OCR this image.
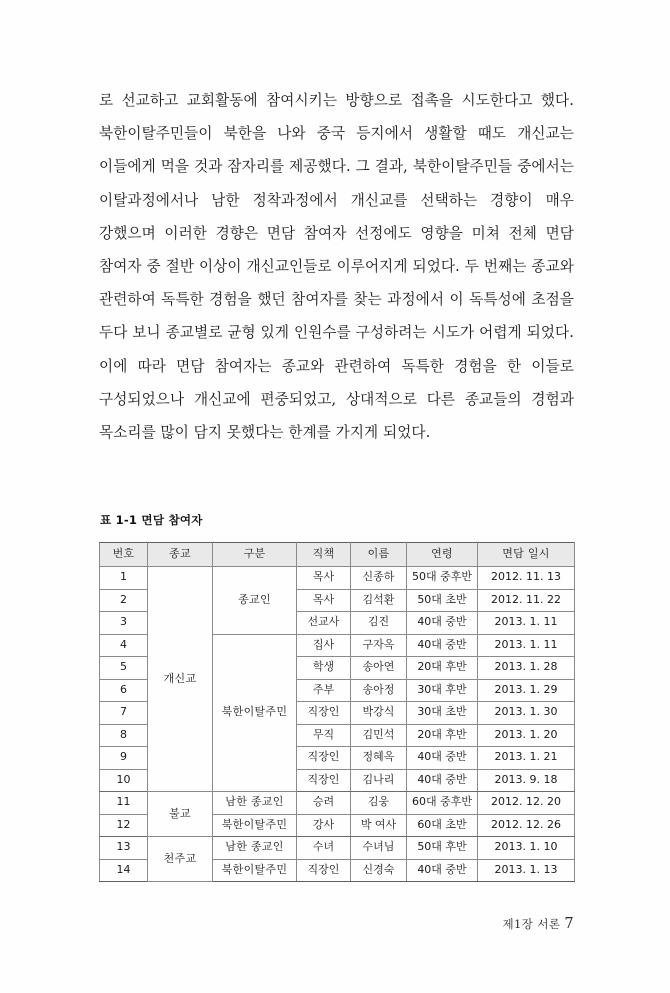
로 선교하고 교회활동에 참여시키는 방향으로 접촉을 시도한다고 했다. 북한이탈주민들이 북한을 나와 중국 등지에서 생활할 때도 개신교는 이들에게 먹을 것과 잠자리를 제공했다. 그 결과, 북한이탈주민들 중에서는 이탈과정에서나 남한 정착과정에서 개신교를 선택하는 경향이 매우 강했으며 이러한 경향은 면담 참여자 선정에도 영향을 미쳐 전체 면담 참여자 중 절반 이상이 개신교인들로 이루어지게 되었다. 두 번째는 종교와 관련하여 독특한 경험을 했던 참여자를 찾는 과정에서 이 독특성에 초점을 두다 보니 종교별로 균형 있게 인원수를 구성하려는 시도가 어렵게 되었다. 이에 따라 면담 참여자는 종교와 관련하여 독특한 경험을 한 이들로 구성되었으나 개신교에 편중되었고, 상대적으로 다른 종교들의 경험과 목소리를 많이 담지 못했다는 한계를 가지게 되었다.

표 1-1 면담 참여자
번호	종교	구분	직책	이름	연령	면담 일시
1	개신교	종교인	목사	신종하	50대 중후반	2012. 11. 13
2			목사	김석환	50대 초반	2012. 11. 22
3			선교사	김진	40대 중반	2013. 1. 11
4		북한이탈주민	집사	구자옥	40대 중반	2013. 1. 11
5			학생	송아연	20대 후반	2013. 1. 28
6			주부	송아정	30대 후반	2013. 1. 29
7			직장인	박강식	30대 초반	2013. 1. 30
8			무직	김민석	20대 후반	2013. 1. 20
9			직장인	정혜옥	40대 중반	2013. 1. 21
10			직장인	김나리	40대 중반	2013. 9. 18
11	불교	남한 종교인	승려	김웅	60대 중후반	2012. 12. 20
12		북한이탈주민	강사	박 여사	60대 초반	2012. 12. 26
13	천주교	남한 종교인	수녀	수녀님	50대 후반	2013. 1. 10
14		북한이탈주민	직장인	신경숙	40대 중반	2013. 1. 13
제1장 서론 7
